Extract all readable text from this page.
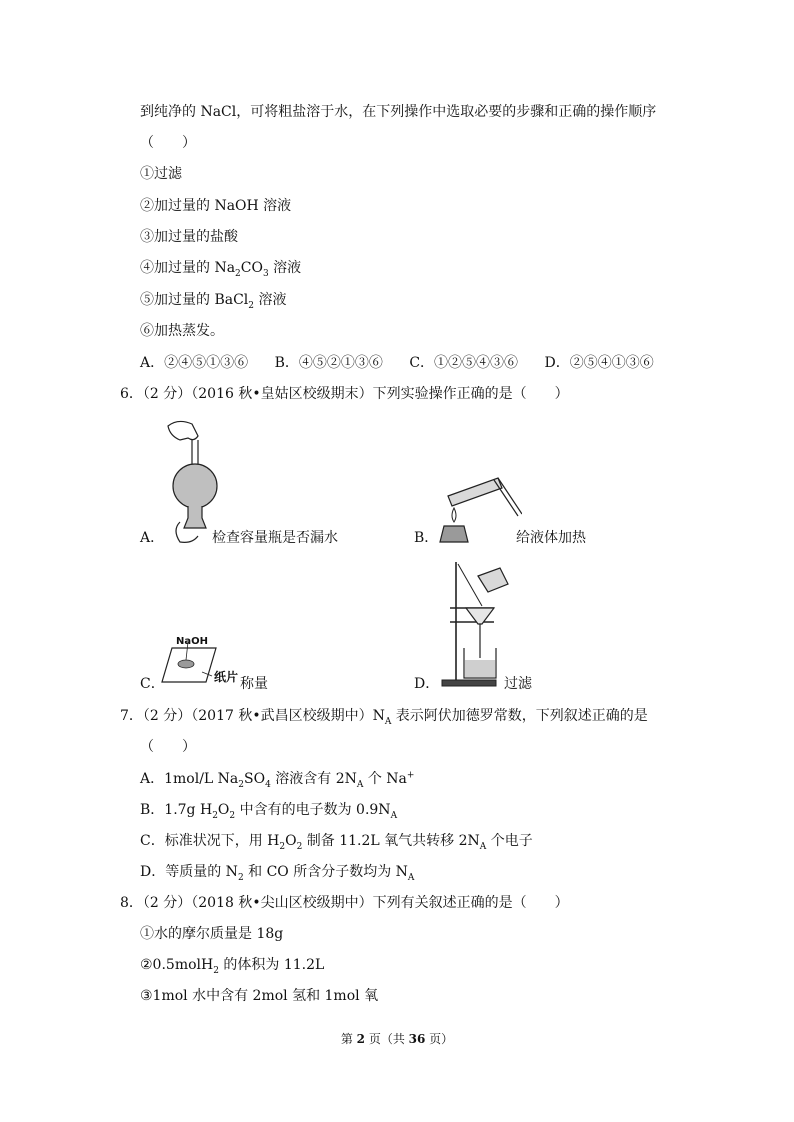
到纯净的 NaCl，可将粗盐溶于水，在下列操作中选取必要的步骤和正确的操作顺序
（　　）
①过滤
②加过量的 NaOH 溶液
③加过量的盐酸
④加过量的 $Na_2CO_3$ 溶液
⑤加过量的 BaCl$_2$ 溶液
⑥加热蒸发。
A．②④⑤①③⑥ B．④⑤②①③⑥ C．①②⑤④③⑥ D．②⑤④①③⑥
6．（2 分）（2016 秋•皇姑区校级期末）下列实验操作正确的是（　　）
A．	检查容量瓶是否漏水	B．	给液体加热
NaOH
纸片
C．	称量	D．	过滤
7．（2 分）（2017 秋•武昌区校级期中）$N_A$ 表示阿伏加德罗常数，下列叙述正确的是
（　　）
A．1mol/L $Na_2SO_4$ 溶液含有 $2N_A$ 个 Na+
B．1.7g $H_2O_2$ 中含有的电子数为 $0.9N_A$
C．标准状况下，用 $H_2O_2$ 制备 11.2L 氧气共转移 $2N_A$ 个电子
D．等质量的 $N_2$ 和 CO 所含分子数均为 $N_A$
8．（2 分）（2018 秋•尖山区校级期中）下列有关叙述正确的是（　　）
①水的摩尔质量是 18g
②0.5molH$_2$ 的体积为 11.2L
③1mol 水中含有 2mol 氢和 1mol 氧
第 2 页（共 36 页）
